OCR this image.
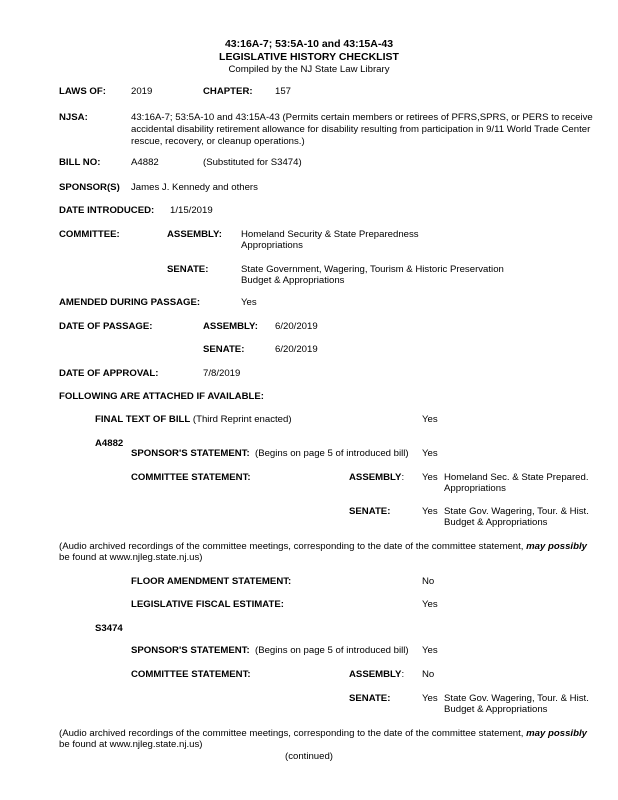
43:16A-7; 53:5A-10 and 43:15A-43
LEGISLATIVE HISTORY CHECKLIST
Compiled by the NJ State Law Library
LAWS OF:	2019	CHAPTER: 157
NJSA:	43:16A-7; 53:5A-10 and 43:15A-43 (Permits certain members or retirees of PFRS,SPRS, or PERS to receive accidental disability retirement allowance for disability resulting from participation in 9/11 World Trade Center rescue, recovery, or cleanup operations.)
BILL NO:	A4882	(Substituted for S3474)
SPONSOR(S) James J. Kennedy and others
DATE INTRODUCED: 1/15/2019
COMMITTEE:	ASSEMBLY: Homeland Security & State Preparedness
Appropriations
SENATE:	State Government, Wagering, Tourism & Historic Preservation
Budget & Appropriations
AMENDED DURING PASSAGE:	Yes
DATE OF PASSAGE:	ASSEMBLY: 6/20/2019
SENATE:	6/20/2019
DATE OF APPROVAL:	7/8/2019
FOLLOWING ARE ATTACHED IF AVAILABLE:
FINAL TEXT OF BILL (Third Reprint enacted)	Yes
A4882
SPONSOR'S STATEMENT: (Begins on page 5 of introduced bill) Yes
COMMITTEE STATEMENT:	ASSEMBLY: Yes Homeland Sec. & State Prepared.
Appropriations
SENATE:	Yes State Gov. Wagering, Tour. & Hist.
Budget & Appropriations
(Audio archived recordings of the committee meetings, corresponding to the date of the committee statement, may possibly
be found at www.njleg.state.nj.us)
FLOOR AMENDMENT STATEMENT:	No
LEGISLATIVE FISCAL ESTIMATE:	Yes
S3474
SPONSOR'S STATEMENT: (Begins on page 5 of introduced bill) Yes
COMMITTEE STATEMENT:	ASSEMBLY: No
SENATE:	Yes State Gov. Wagering, Tour. & Hist.
Budget & Appropriations
(Audio archived recordings of the committee meetings, corresponding to the date of the committee statement, may possibly
be found at www.njleg.state.nj.us)
(continued)
